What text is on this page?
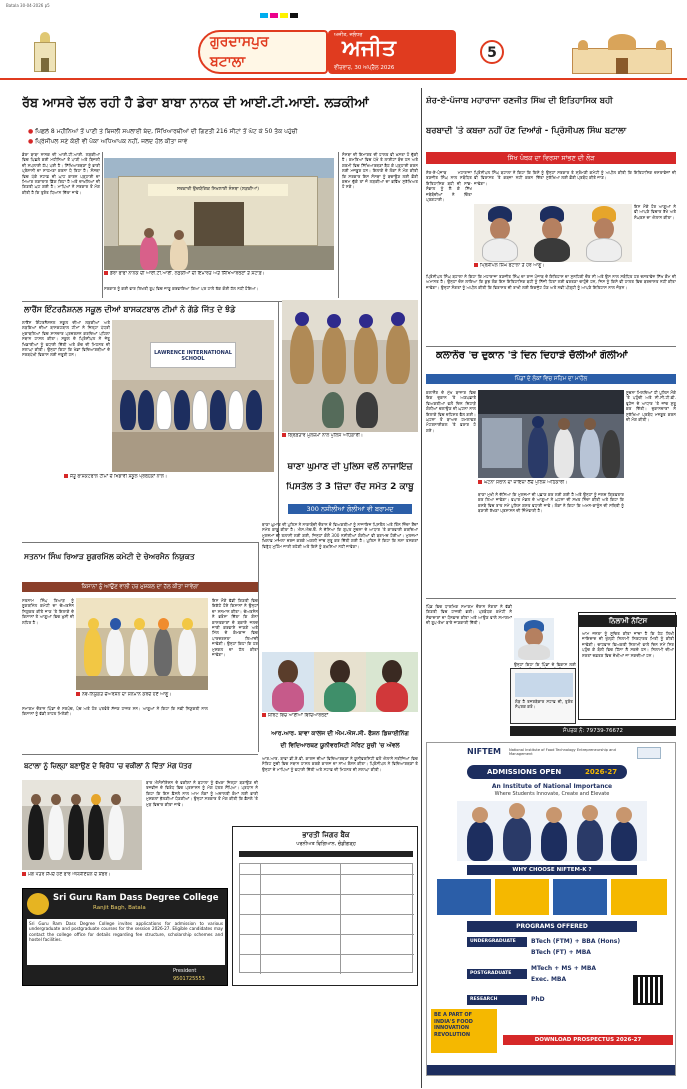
Batala 30-04-2026 p5
ਗੁਰਦਾਸਪੁਰ
ਬਟਾਲਾ
ਅਜੀਤ, ਜਲੰਧਰ
ਅਜੀਤ
ਵੀਰਵਾਰ, 30 ਅਪ੍ਰੈਲ 2026
5
ਰੱਬ ਆਸਰੇ ਚੱਲ ਰਹੀ ਹੈ ਡੇਰਾ ਬਾਬਾ ਨਾਨਕ ਦੀ ਆਈ.ਟੀ.ਆਈ. ਲੜਕੀਆਂ
● ਪਿਛਲੇ 8 ਮਹੀਨਿਆਂ ਤੋਂ ਪਾਣੀ ਤੇ ਬਿਜਲੀ ਸਪਲਾਈ ਬੰਦ, ਸਿੱਖਿਆਰਥੀਆਂ ਦੀ ਗਿਣਤੀ 216 ਸੀਟਾਂ ਤੋਂ ਘੱਟ ਕੇ 50 ਤੱਕ ਪਹੁੰਚੀ
● ਪ੍ਰਿੰਸੀਪਲ ਸਣੇ ਕੋਈ ਵੀ ਪੱਕਾ ਅਧਿਆਪਕ ਨਹੀਂ, ਜਲਦ ਹੱਲ ਕੀਤਾ ਜਾਵੇ
ਡੇਰਾ ਬਾਬਾ ਨਾਨਕ ਦੀ ਆਈ.ਟੀ.ਆਈ. ਲੜਕੀਆਂ ਵਿਚ ਪਿਛਲੇ ਕਈ ਮਹੀਨਿਆਂ ਤੋਂ ਪਾਣੀ ਅਤੇ ਬਿਜਲੀ ਦੀ ਸਪਲਾਈ ਠੱਪ ਪਈ ਹੈ। ਸਿੱਖਿਆਰਥਣਾਂ ਨੂੰ ਭਾਰੀ ਪ੍ਰੇਸ਼ਾਨੀ ਦਾ ਸਾਹਮਣਾ ਕਰਨਾ ਪੈ ਰਿਹਾ ਹੈ। ਸੰਸਥਾ ਵਿਚ ਪੱਕੇ ਸਟਾਫ਼ ਦੀ ਘਾਟ ਕਾਰਨ ਪੜ੍ਹਾਈ ਦਾ ਮਿਆਰ ਲਗਾਤਾਰ ਡਿੱਗ ਰਿਹਾ ਹੈ ਅਤੇ ਦਾਖ਼ਲਿਆਂ ਦੀ ਗਿਣਤੀ ਘਟ ਗਈ ਹੈ। ਮਾਪਿਆਂ ਨੇ ਸਰਕਾਰ ਤੋਂ ਮੰਗ ਕੀਤੀ ਹੈ ਕਿ ਤੁਰੰਤ ਧਿਆਨ ਦਿੱਤਾ ਜਾਵੇ।
ਸਰਕਾਰੀ ਉਦਯੋਗਿਕ ਸਿਖਲਾਈ ਸੰਸਥਾ (ਲੜਕੀਆਂ)
ਡੇਰਾ ਬਾਬਾ ਨਾਨਕ ਦੀ ਆਈ.ਟੀ.ਆਈ. ਲੜਕੀਆਂ ਦੀ ਇਮਾਰਤ ਅਤੇ ਸਿੱਖਿਆਰਥਣਾਂ ਤੇ ਸਟਾਫ਼।
ਸਰਕਾਰ ਨੂੰ ਕਈ ਵਾਰ ਲਿਖਤੀ ਰੂਪ ਵਿਚ ਜਾਣੂ ਕਰਵਾਇਆ ਗਿਆ ਪਰ ਹਾਲੇ ਤੱਕ ਕੋਈ ਹੱਲ ਨਹੀਂ ਹੋਇਆ।
ਸੰਸਥਾ ਦੀ ਇਮਾਰਤ ਦੀ ਹਾਲਤ ਵੀ ਖ਼ਸਤਾ ਹੋ ਚੁੱਕੀ ਹੈ। ਕਮਰਿਆਂ ਵਿਚ ਪੱਖੇ ਤੇ ਲਾਈਟਾਂ ਬੰਦ ਹਨ ਅਤੇ ਗਰਮੀ ਵਿਚ ਸਿੱਖਿਆਰਥਣਾਂ ਬੈਠ ਕੇ ਪੜ੍ਹਾਈ ਕਰਨ ਲਈ ਮਜਬੂਰ ਹਨ। ਇਲਾਕੇ ਦੇ ਲੋਕਾਂ ਨੇ ਮੰਗ ਕੀਤੀ ਕਿ ਸਰਕਾਰ ਇਸ ਸੰਸਥਾ ਨੂੰ ਬਚਾਉਣ ਲਈ ਫ਼ੌਰੀ ਕਦਮ ਚੁੱਕੇ ਤਾਂ ਜੋ ਲੜਕੀਆਂ ਦਾ ਭਵਿੱਖ ਸੁਰੱਖਿਅਤ ਹੋ ਸਕੇ।
ਲਾਰੈਂਸ ਇੰਟਰਨੈਸ਼ਨਲ ਸਕੂਲ ਦੀਆਂ ਬਾਸਕਟਬਾਲ ਟੀਮਾਂ ਨੇ ਗੱਡੇ ਜਿੱਤ ਦੇ ਝੰਡੇ
ਲਾਰੈਂਸ ਇੰਟਰਨੈਸ਼ਨਲ ਸਕੂਲ ਦੀਆਂ ਲੜਕੀਆਂ ਅਤੇ ਲੜਕਿਆਂ ਦੀਆਂ ਬਾਸਕਟਬਾਲ ਟੀਮਾਂ ਨੇ ਜ਼ਿਲ੍ਹਾ ਪੱਧਰੀ ਮੁਕਾਬਲਿਆਂ ਵਿਚ ਸ਼ਾਨਦਾਰ ਪ੍ਰਦਰਸ਼ਨ ਕਰਦਿਆਂ ਪਹਿਲਾ ਸਥਾਨ ਹਾਸਲ ਕੀਤਾ। ਸਕੂਲ ਦੇ ਪ੍ਰਿੰਸੀਪਲ ਨੇ ਜੇਤੂ ਖਿਡਾਰੀਆਂ ਨੂੰ ਵਧਾਈ ਦਿੱਤੀ ਅਤੇ ਕੋਚ ਦੀ ਮਿਹਨਤ ਦੀ ਸ਼ਲਾਘਾ ਕੀਤੀ। ਉਨ੍ਹਾਂ ਕਿਹਾ ਕਿ ਖੇਡਾਂ ਵਿਦਿਆਰਥੀਆਂ ਦੇ ਸਰਬਪੱਖੀ ਵਿਕਾਸ ਲਈ ਜ਼ਰੂਰੀ ਹਨ।	LAWRENCE INTERNATIONAL SCHOOL
ਜੇਤੂ ਬਾਸਕਟਬਾਲ ਟੀਮਾਂ ਦੇ ਖਿਡਾਰੀ ਸਕੂਲ ਪ੍ਰਬੰਧਕਾਂ ਨਾਲ।
ਗ੍ਰਿਫ਼ਤਾਰ ਮੁਲਜ਼ਮਾਂ ਨਾਲ ਪੁਲਿਸ ਅਧਿਕਾਰੀ।
ਥਾਣਾ ਘੁਮਾਣ ਦੀ ਪੁਲਿਸ ਵਲੋਂ ਨਾਜਾਇਜ਼
ਪਿਸਤੌਲ ਤੇ 3 ਜ਼ਿੰਦਾ ਰੌਂਦ ਸਮੇਤ 2 ਕਾਬੂ
300 ਨਸ਼ੀਲੀਆਂ ਗੋਲੀਆਂ ਵੀ ਬਰਾਮਦ
ਥਾਣਾ ਘੁਮਾਣ ਦੀ ਪੁਲਿਸ ਨੇ ਨਾਕਾਬੰਦੀ ਦੌਰਾਨ ਦੋ ਵਿਅਕਤੀਆਂ ਨੂੰ ਨਾਜਾਇਜ਼ ਪਿਸਤੌਲ ਅਤੇ ਤਿੰਨ ਜ਼ਿੰਦਾ ਰੌਂਦਾਂ ਸਮੇਤ ਕਾਬੂ ਕੀਤਾ ਹੈ। ਐਸ.ਐਚ.ਓ. ਨੇ ਦੱਸਿਆ ਕਿ ਗੁਪਤ ਸੂਚਨਾ ਦੇ ਆਧਾਰ 'ਤੇ ਕਾਰਵਾਈ ਕਰਦਿਆਂ ਮੁਲਜ਼ਮਾਂ ਦੀ ਤਲਾਸ਼ੀ ਲਈ ਗਈ, ਜਿਨ੍ਹਾਂ ਕੋਲੋਂ 300 ਨਸ਼ੀਲੀਆਂ ਗੋਲੀਆਂ ਵੀ ਬਰਾਮਦ ਹੋਈਆਂ। ਮੁਲਜ਼ਮਾਂ ਖ਼ਿਲਾਫ਼ ਮਾਮਲਾ ਦਰਜ ਕਰਕੇ ਅਗਲੀ ਜਾਂਚ ਸ਼ੁਰੂ ਕਰ ਦਿੱਤੀ ਗਈ ਹੈ। ਪੁਲਿਸ ਨੇ ਕਿਹਾ ਕਿ ਨਸ਼ਾ ਤਸਕਰਾਂ ਵਿਰੁੱਧ ਮੁਹਿੰਮ ਜਾਰੀ ਰਹੇਗੀ ਅਤੇ ਕਿਸੇ ਨੂੰ ਬਖ਼ਸ਼ਿਆ ਨਹੀਂ ਜਾਵੇਗਾ।
ਸਤਨਾਮ ਸਿੰਘ ਰਿਆੜ ਸ਼ੂਗਰਮਿੱਲ ਕਮੇਟੀ ਦੇ ਚੇਅਰਮੈਨ ਨਿਯੁਕਤ
ਕਿਸਾਨਾਂ ਨੂੰ ਆਉਣ ਵਾਲੀ ਹਰ ਮੁਸ਼ਕਲ ਦਾ ਹੱਲ ਕੀਤਾ ਜਾਵੇਗਾ
ਸਤਨਾਮ ਸਿੰਘ ਰਿਆੜ ਨੂੰ ਸ਼ੂਗਰਮਿੱਲ ਕਮੇਟੀ ਦਾ ਚੇਅਰਮੈਨ ਨਿਯੁਕਤ ਕੀਤੇ ਜਾਣ 'ਤੇ ਇਲਾਕੇ ਦੇ ਕਿਸਾਨਾਂ ਤੇ ਆਗੂਆਂ ਵਿਚ ਖ਼ੁਸ਼ੀ ਦੀ ਲਹਿਰ ਹੈ।
ਨਵ-ਨਿਯੁਕਤ ਚੇਅਰਮੈਨ ਦਾ ਸਨਮਾਨ ਕਰਦੇ ਹੋਏ ਆਗੂ।
ਇਸ ਮੌਕੇ ਵੱਡੀ ਗਿਣਤੀ ਵਿਚ ਇਕੱਠੇ ਹੋਏ ਕਿਸਾਨਾਂ ਨੇ ਉਨ੍ਹਾਂ ਦਾ ਸਨਮਾਨ ਕੀਤਾ। ਚੇਅਰਮੈਨ ਨੇ ਭਰੋਸਾ ਦਿੱਤਾ ਕਿ ਗੰਨਾ ਕਾਸ਼ਤਕਾਰਾਂ ਦੇ ਬਕਾਏ ਜਲਦ ਜਾਰੀ ਕਰਵਾਏ ਜਾਣਗੇ ਅਤੇ ਮਿੱਲ ਦੇ ਕੰਮਕਾਜ ਵਿਚ ਪਾਰਦਰਸ਼ਤਾ ਲਿਆਂਦੀ ਜਾਵੇਗੀ। ਉਨ੍ਹਾਂ ਕਿਹਾ ਕਿ ਹਰ ਮੁਸ਼ਕਲ ਦਾ ਹੱਲ ਕੀਤਾ ਜਾਵੇਗਾ।
ਸਮਾਗਮ ਦੌਰਾਨ ਪਿੰਡਾਂ ਦੇ ਸਰਪੰਚ, ਪੰਚ ਅਤੇ ਹੋਰ ਪਤਵੰਤੇ ਸੱਜਣ ਹਾਜ਼ਰ ਸਨ। ਆਗੂਆਂ ਨੇ ਕਿਹਾ ਕਿ ਨਵੀਂ ਨਿਯੁਕਤੀ ਨਾਲ ਕਿਸਾਨਾਂ ਨੂੰ ਵੱਡੀ ਰਾਹਤ ਮਿਲੇਗੀ।
ਬਟਾਲਾ ਨੂੰ ਜ਼ਿਲ੍ਹਾ ਬਣਾਉਣ ਦੇ ਵਿਰੋਧ 'ਚ ਵਕੀਲਾਂ ਨੇ ਦਿੱਤਾ ਮੰਗ ਪੱਤਰ
ਮੰਗ ਪੱਤਰ ਸੌਂਪਦੇ ਹੋਏ ਬਾਰ ਐਸੋਸੀਏਸ਼ਨ ਦੇ ਮੈਂਬਰ।
ਬਾਰ ਐਸੋਸੀਏਸ਼ਨ ਦੇ ਵਕੀਲਾਂ ਨੇ ਬਟਾਲਾ ਨੂੰ ਵੱਖਰਾ ਜ਼ਿਲ੍ਹਾ ਬਣਾਉਣ ਦੀ ਤਜਵੀਜ਼ ਦੇ ਵਿਰੋਧ ਵਿਚ ਪ੍ਰਸ਼ਾਸਨ ਨੂੰ ਮੰਗ ਪੱਤਰ ਸੌਂਪਿਆ। ਪ੍ਰਧਾਨ ਨੇ ਕਿਹਾ ਕਿ ਇਸ ਫ਼ੈਸਲੇ ਨਾਲ ਆਮ ਲੋਕਾਂ ਨੂੰ ਅਦਾਲਤੀ ਕੰਮਾਂ ਲਈ ਭਾਰੀ ਮੁਸ਼ਕਲਾਂ ਝੱਲਣੀਆਂ ਪੈਣਗੀਆਂ। ਉਨ੍ਹਾਂ ਸਰਕਾਰ ਤੋਂ ਮੰਗ ਕੀਤੀ ਕਿ ਫ਼ੈਸਲੇ 'ਤੇ ਮੁੜ ਵਿਚਾਰ ਕੀਤਾ ਜਾਵੇ।
Sri Guru Ram Dass Degree College
Ranjit Bagh, Batala
Sri Guru Ram Dass Degree College invites applications for admission to various undergraduate and postgraduate courses for the session 2026-27. Eligible candidates may contact the college office for details regarding fee structure, scholarship schemes and hostel facilities.
President
9501725553
ਮੈਰਿਟ ਵਿਚ ਆਈਆਂ ਵਿਦਿਆਰਥਣਾਂ
ਆਰ.ਆਰ. ਬਾਵਾ ਕਾਲਜ ਦੀ ਐਮ.ਐਸ.ਸੀ. ਫੈਸ਼ਨ ਡਿਜ਼ਾਈਨਿੰਗ
ਦੀ ਵਿਦਿਆਰਥਣ ਯੂਨੀਵਰਸਿਟੀ ਮੈਰਿਟ ਸੂਚੀ 'ਚ ਅੱਵਲ
ਆਰ.ਆਰ. ਬਾਵਾ ਡੀ.ਏ.ਵੀ. ਕਾਲਜ ਦੀਆਂ ਵਿਦਿਆਰਥਣਾਂ ਨੇ ਯੂਨੀਵਰਸਿਟੀ ਵਲੋਂ ਐਲਾਨੇ ਨਤੀਜਿਆਂ ਵਿਚ ਮੈਰਿਟ ਸੂਚੀ ਵਿਚ ਸਥਾਨ ਹਾਸਲ ਕਰਕੇ ਕਾਲਜ ਦਾ ਨਾਂਅ ਰੌਸ਼ਨ ਕੀਤਾ। ਪ੍ਰਿੰਸੀਪਲ ਨੇ ਵਿਦਿਆਰਥਣਾਂ ਤੇ ਉਨ੍ਹਾਂ ਦੇ ਮਾਪਿਆਂ ਨੂੰ ਵਧਾਈ ਦਿੱਤੀ ਅਤੇ ਸਟਾਫ਼ ਦੀ ਮਿਹਨਤ ਦੀ ਸ਼ਲਾਘਾ ਕੀਤੀ।
ਭਾਰਤੀ ਜਿਗਰ ਬੈਂਕ
ਪਰਨੀਅਤ ਵਿਗਿਆਨ, ਚੰਡੀਗੜ੍ਹ
ਸ਼ੇਰ-ਏ-ਪੰਜਾਬ ਮਹਾਰਾਜਾ ਰਣਜੀਤ ਸਿੰਘ ਦੀ ਇਤਿਹਾਸਿਕ ਬਹੀ
ਬਰਬਾਦੀ 'ਤੇ ਕਬਜ਼ਾ ਨਹੀਂ ਹੋਣ ਦਿਆਂਗੇ - ਪ੍ਰਿੰਸੀਪਲ ਸਿੰਘ ਬਟਾਲਾ
ਸਿੱਖ ਪੰਥਕ ਦਾ ਵਿਰਸਾ ਸਾਂਭਣ ਦੀ ਲੋੜ
ਸ਼ੇਰ-ਏ-ਪੰਜਾਬ ਮਹਾਰਾਜਾ ਰਣਜੀਤ ਸਿੰਘ ਨਾਲ ਸਬੰਧਿਤ ਇਤਿਹਾਸਿਕ ਬਹੀ ਦੀ ਸਾਂਭ-ਸੰਭਾਲ ਨੂੰ ਲੈ ਕੇ ਸਿੱਖ ਜਥੇਬੰਦੀਆਂ ਨੇ ਚਿੰਤਾ ਪ੍ਰਗਟਾਈ।
ਪ੍ਰਿੰਸੀਪਲ ਸਿੰਘ ਬਟਾਲਾ ਨੇ ਕਿਹਾ ਕਿ ਕਿਸੇ ਨੂੰ ਵੀ ਵਿਰਾਸਤ 'ਤੇ ਕਬਜ਼ਾ ਨਹੀਂ ਕਰਨ ਦਿੱਤਾ ਜਾਵੇਗਾ।
ਉਨ੍ਹਾਂ ਸਰਕਾਰ ਤੇ ਸ਼੍ਰੋਮਣੀ ਕਮੇਟੀ ਨੂੰ ਅਪੀਲ ਕੀਤੀ ਕਿ ਇਤਿਹਾਸਿਕ ਦਸਤਾਵੇਜ਼ਾਂ ਦੀ ਸੁਰੱਖਿਆ ਲਈ ਫ਼ੌਰੀ ਪ੍ਰਬੰਧ ਕੀਤੇ ਜਾਣ।
ਇਸ ਮੌਕੇ ਹੋਰ ਆਗੂਆਂ ਨੇ ਵੀ ਆਪਣੇ ਵਿਚਾਰ ਰੱਖੇ ਅਤੇ ਸੰਘਰਸ਼ ਦਾ ਐਲਾਨ ਕੀਤਾ।
ਪ੍ਰਿੰਸੀਪਲ ਸਿੰਘ ਬਟਾਲਾ ਤੇ ਹੋਰ ਆਗੂ।
ਪ੍ਰਿੰਸੀਪਲ ਸਿੰਘ ਬਟਾਲਾ ਨੇ ਕਿਹਾ ਕਿ ਮਹਾਰਾਜਾ ਰਣਜੀਤ ਸਿੰਘ ਦਾ ਰਾਜ ਪੰਜਾਬ ਦੇ ਇਤਿਹਾਸ ਦਾ ਸੁਨਹਿਰੀ ਦੌਰ ਸੀ ਅਤੇ ਉਸ ਨਾਲ ਸਬੰਧਿਤ ਹਰ ਦਸਤਾਵੇਜ਼ ਸਿੱਖ ਕੌਮ ਦੀ ਅਮਾਨਤ ਹੈ। ਉਨ੍ਹਾਂ ਦੋਸ਼ ਲਾਇਆ ਕਿ ਕੁਝ ਲੋਕ ਇਸ ਇਤਿਹਾਸਿਕ ਬਹੀ ਨੂੰ ਨਿੱਜੀ ਹਿਤਾਂ ਲਈ ਵਰਤਣਾ ਚਾਹੁੰਦੇ ਹਨ, ਜਿਸ ਨੂੰ ਕਿਸੇ ਵੀ ਹਾਲਤ ਵਿਚ ਬਰਦਾਸ਼ਤ ਨਹੀਂ ਕੀਤਾ ਜਾਵੇਗਾ। ਉਨ੍ਹਾਂ ਸੰਗਤਾਂ ਨੂੰ ਅਪੀਲ ਕੀਤੀ ਕਿ ਵਿਰਾਸਤ ਦੀ ਰਾਖੀ ਲਈ ਇਕਜੁੱਟ ਹੋਣ ਅਤੇ ਨਵੀਂ ਪੀੜ੍ਹੀ ਨੂੰ ਆਪਣੇ ਇਤਿਹਾਸ ਨਾਲ ਜੋੜਨ।
ਕਲਾਨੌਰ 'ਚ ਦੁਕਾਨ 'ਤੇ ਦਿਨ ਦਿਹਾੜੇ ਚੱਲੀਆਂ ਗੋਲੀਆਂ
ਪਿੰਡਾਂ ਦੇ ਲੋਕਾਂ ਵਿਚ ਸਹਿਮ ਦਾ ਮਾਹੌਲ
ਕਲਾਨੌਰ ਦੇ ਮੁੱਖ ਬਾਜ਼ਾਰ ਵਿਚ ਇਕ ਦੁਕਾਨ 'ਤੇ ਅਣਪਛਾਤੇ ਵਿਅਕਤੀਆਂ ਵਲੋਂ ਦਿਨ ਦਿਹਾੜੇ ਗੋਲੀਆਂ ਚਲਾਉਣ ਦੀ ਘਟਨਾ ਨਾਲ ਇਲਾਕੇ ਵਿਚ ਦਹਿਸ਼ਤ ਫੈਲ ਗਈ। ਘਟਨਾ ਤੋਂ ਬਾਅਦ ਹਮਲਾਵਰ ਮੋਟਰਸਾਈਕਲ 'ਤੇ ਫ਼ਰਾਰ ਹੋ ਗਏ।
ਘਟਨਾ ਸਥਾਨ ਦਾ ਜਾਇਜ਼ਾ ਲੈਂਦੇ ਪੁਲਿਸ ਅਧਿਕਾਰੀ।
ਸੂਚਨਾ ਮਿਲਦਿਆਂ ਹੀ ਪੁਲਿਸ ਮੌਕੇ 'ਤੇ ਪਹੁੰਚੀ ਅਤੇ ਸੀ.ਸੀ.ਟੀ.ਵੀ. ਫੁਟੇਜ ਦੇ ਆਧਾਰ 'ਤੇ ਜਾਂਚ ਸ਼ੁਰੂ ਕਰ ਦਿੱਤੀ। ਦੁਕਾਨਦਾਰਾਂ ਨੇ ਸੁਰੱਖਿਆ ਪ੍ਰਬੰਧ ਮਜ਼ਬੂਤ ਕਰਨ ਦੀ ਮੰਗ ਕੀਤੀ।
ਥਾਣਾ ਮੁਖੀ ਨੇ ਦੱਸਿਆ ਕਿ ਮੁਲਜ਼ਮਾਂ ਦੀ ਪਛਾਣ ਕਰ ਲਈ ਗਈ ਹੈ ਅਤੇ ਉਨ੍ਹਾਂ ਨੂੰ ਜਲਦ ਗ੍ਰਿਫ਼ਤਾਰ ਕਰ ਲਿਆ ਜਾਵੇਗਾ। ਵਪਾਰ ਮੰਡਲ ਦੇ ਆਗੂਆਂ ਨੇ ਘਟਨਾ ਦੀ ਸਖ਼ਤ ਨਿੰਦਾ ਕੀਤੀ ਅਤੇ ਕਿਹਾ ਕਿ ਕਸਬੇ ਵਿਚ ਰਾਤ ਸਮੇਂ ਪੁਲਿਸ ਗਸ਼ਤ ਵਧਾਈ ਜਾਵੇ। ਲੋਕਾਂ ਨੇ ਕਿਹਾ ਕਿ ਅਮਨ-ਕਾਨੂੰਨ ਦੀ ਸਥਿਤੀ ਨੂੰ ਬਣਾਈ ਰੱਖਣਾ ਪ੍ਰਸ਼ਾਸਨ ਦੀ ਜ਼ਿੰਮੇਵਾਰੀ ਹੈ।
ਪਿੰਡ ਵਿਚ ਧਾਰਮਿਕ ਸਮਾਗਮ ਦੌਰਾਨ ਸੰਗਤਾਂ ਨੇ ਵੱਡੀ ਗਿਣਤੀ ਵਿਚ ਹਾਜ਼ਰੀ ਭਰੀ। ਪ੍ਰਬੰਧਕ ਕਮੇਟੀ ਨੇ ਸੇਵਾਦਾਰਾਂ ਦਾ ਧੰਨਵਾਦ ਕੀਤਾ ਅਤੇ ਆਉਣ ਵਾਲੇ ਸਮਾਗਮਾਂ ਦੀ ਰੂਪ-ਰੇਖਾ ਬਾਰੇ ਜਾਣਕਾਰੀ ਦਿੱਤੀ।
ਉਨ੍ਹਾਂ ਕਿਹਾ ਕਿ ਪਿੰਡਾਂ ਦੇ ਵਿਕਾਸ ਲਈ
ਨਿਲਾਮੀ ਨੋਟਿਸ
ਆਮ ਜਨਤਾ ਨੂੰ ਸੂਚਿਤ ਕੀਤਾ ਜਾਂਦਾ ਹੈ ਕਿ ਹੇਠ ਲਿਖੀ ਜਾਇਦਾਦ ਦੀ ਖੁੱਲ੍ਹੀ ਨਿਲਾਮੀ ਨਿਰਧਾਰਤ ਮਿਤੀ ਨੂੰ ਕੀਤੀ ਜਾਵੇਗੀ। ਚਾਹਵਾਨ ਵਿਅਕਤੀ ਨਿਲਾਮੀ ਵਾਲੇ ਦਿਨ ਸਮੇਂ ਸਿਰ ਪਹੁੰਚ ਕੇ ਬੋਲੀ ਵਿਚ ਹਿੱਸਾ ਲੈ ਸਕਦੇ ਹਨ। ਨਿਲਾਮੀ ਦੀਆਂ ਸ਼ਰਤਾਂ ਦਫ਼ਤਰ ਵਿਚ ਦੇਖੀਆਂ ਜਾ ਸਕਦੀਆਂ ਹਨ।
ਲੋੜ ਹੈ ਤਜਰਬੇਕਾਰ ਸਟਾਫ਼ ਦੀ, ਤੁਰੰਤ ਸੰਪਰਕ ਕਰੋ।
ਸੰਪਰਕ ਨੰ: 79739-76672
NIFTEM National Institute of Food Technology Entrepreneurship and Management
ADMISSIONS OPEN	2026-27
An Institute of National Importance
Where Students Innovate, Create and Elevate
WHY CHOOSE NIFTEM-K ?
PROGRAMS OFFERED
UNDERGRADUATE	BTech (FTM) + BBA (Hons)
BTech (FT) + MBA
POSTGRADUATE
MTech + MS + MBA
Exec. MBA
RESEARCH	PhD
BE A PART OF INDIA'S FOOD INNOVATION REVOLUTION
DOWNLOAD PROSPECTUS 2026-27
